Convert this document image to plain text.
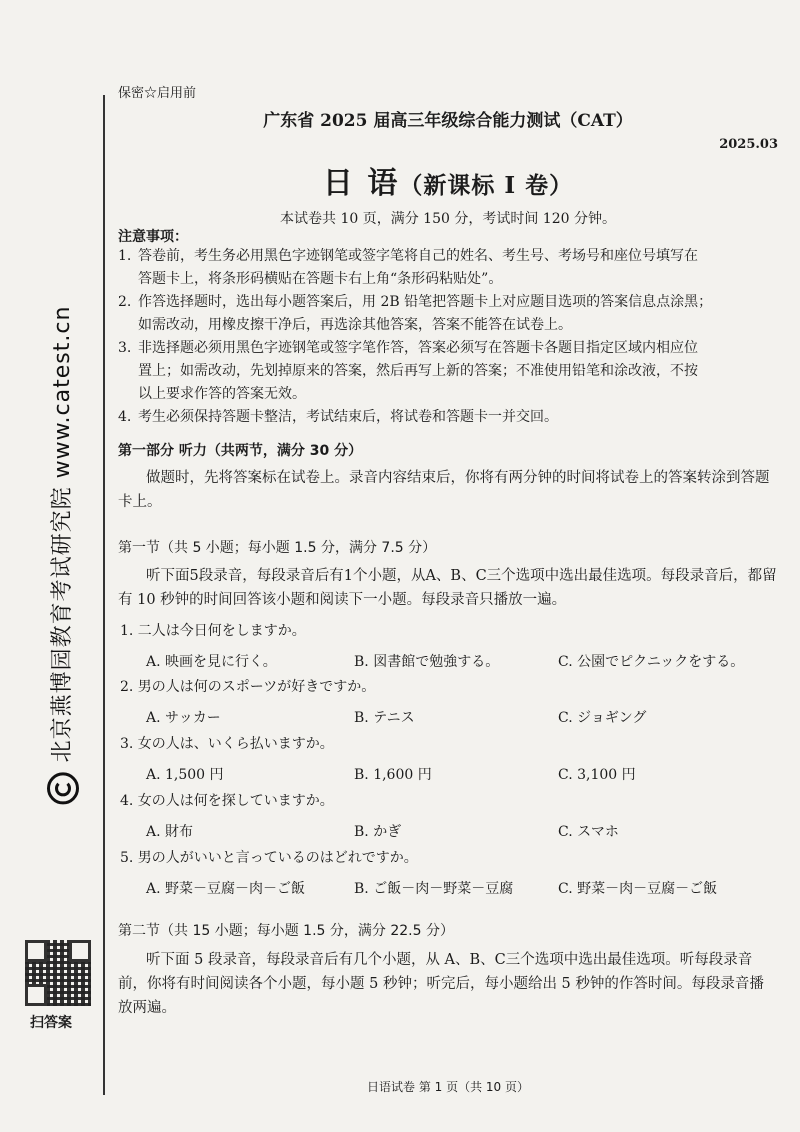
北京燕博园教育考试研究院 www.catest.cn
扫答案
保密☆启用前
广东省 2025 届高三年级综合能力测试（CAT）
2025.03
日 语（新课标 I 卷）
本试卷共 10 页，满分 150 分，考试时间 120 分钟。
注意事项：
1. 答卷前，考生务必用黑色字迹钢笔或签字笔将自己的姓名、考生号、考场号和座位号填写在
答题卡上，将条形码横贴在答题卡右上角“条形码粘贴处”。
2. 作答选择题时，选出每小题答案后，用 2B 铅笔把答题卡上对应题目选项的答案信息点涂黑；
如需改动，用橡皮擦干净后，再选涂其他答案，答案不能答在试卷上。
3. 非选择题必须用黑色字迹钢笔或签字笔作答，答案必须写在答题卡各题目指定区域内相应位
置上；如需改动，先划掉原来的答案，然后再写上新的答案；不准使用铅笔和涂改液，不按
以上要求作答的答案无效。
4. 考生必须保持答题卡整洁，考试结束后，将试卷和答题卡一并交回。
第一部分 听力（共两节，满分 30 分）
做题时，先将答案标在试卷上。录音内容结束后，你将有两分钟的时间将试卷上的答案转涂到答题卡上。
第一节（共 5 小题；每小题 1.5 分，满分 7.5 分）
听下面5段录音，每段录音后有1个小题，从A、B、C三个选项中选出最佳选项。每段录音后，都留有 10 秒钟的时间回答该小题和阅读下一小题。每段录音只播放一遍。
1. 二人は今日何をしますか。
A. 映画を見に行く。	B. 図書館で勉強する。	C. 公園でピクニックをする。
2. 男の人は何のスポーツが好きですか。
A. サッカー	B. テニス	C. ジョギング
3. 女の人は、いくら払いますか。
A. 1,500 円	B. 1,600 円	C. 3,100 円
4. 女の人は何を探していますか。
A. 財布	B. かぎ	C. スマホ
5. 男の人がいいと言っているのはどれですか。
A. 野菜－豆腐－肉－ご飯	B. ご飯－肉－野菜－豆腐	C. 野菜－肉－豆腐－ご飯
第二节（共 15 小题；每小题 1.5 分，满分 22.5 分）
听下面 5 段录音，每段录音后有几个小题，从 A、B、C三个选项中选出最佳选项。听每段录音前，你将有时间阅读各个小题，每小题 5 秒钟；听完后，每小题给出 5 秒钟的作答时间。每段录音播放两遍。
日语试卷 第 1 页（共 10 页）
